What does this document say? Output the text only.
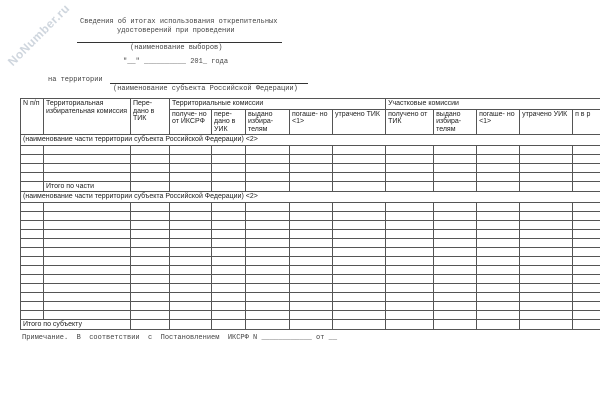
NoNumber.ru Сведения об итогах использования открепительных
удостоверений при проведении
(наименование выборов)
"__" __________ 201_ года
на территории
(наименование субъекта Российской Федерации)
N п/п	Территориальная избирательная комиссия	Пере- дано в ТИК	Территориальные комиссии					Участковые комиссии				
			получе- но от ИКСРФ	пере- дано в УИК	выдано избира- телям	погаше- но <1>	утрачено ТИК	получено от ТИК	выдано избира- телям	погаше- но <1>	утрачено УИК	п в р
(наименование части территории субъекта Российской Федерации) <2>												

	Итого по части											
(наименование части территории субъекта Российской Федерации) <2>												

Итого по субъекту												
Примечание.  В  соответствии  с  Постановлением  ИКСРФ N ____________ от __
